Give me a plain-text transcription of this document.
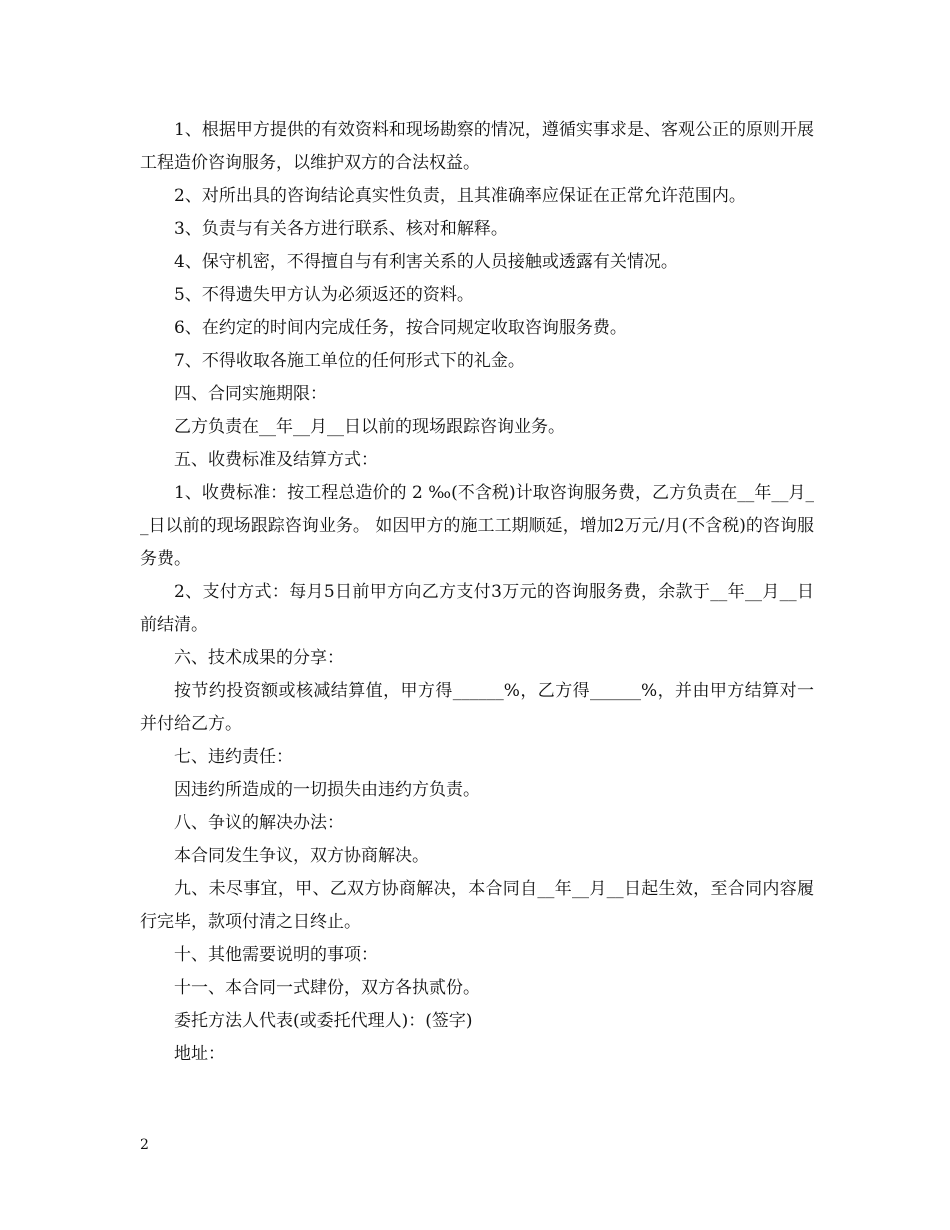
1、根据甲方提供的有效资料和现场勘察的情况，遵循实事求是、客观公正的原则开展工程造价咨询服务，以维护双方的合法权益。

2、对所出具的咨询结论真实性负责，且其准确率应保证在正常允许范围内。

3、负责与有关各方进行联系、核对和解释。

4、保守机密，不得擅自与有利害关系的人员接触或透露有关情况。

5、不得遗失甲方认为必须返还的资料。

6、在约定的时间内完成任务，按合同规定收取咨询服务费。

7、不得收取各施工单位的任何形式下的礼金。

四、合同实施期限：

乙方负责在__年__月__日以前的现场跟踪咨询业务。

五、收费标准及结算方式：

1、收费标准：按工程总造价的 2 ‰(不含税)计取咨询服务费，乙方负责在__年__月__日以前的现场跟踪咨询业务。 如因甲方的施工工期顺延，增加2万元/月(不含税)的咨询服务费。

2、支付方式：每月5日前甲方向乙方支付3万元的咨询服务费，余款于__年__月__日前结清。

六、技术成果的分享：

按节约投资额或核减结算值，甲方得______%，乙方得______%，并由甲方结算对一并付给乙方。

七、违约责任：

因违约所造成的一切损失由违约方负责。

八、争议的解决办法：

本合同发生争议，双方协商解决。

九、未尽事宜，甲、乙双方协商解决，本合同自__年__月__日起生效，至合同内容履行完毕，款项付清之日终止。

十、其他需要说明的事项：

十一、本合同一式肆份，双方各执贰份。

委托方法人代表(或委托代理人)：(签字)

地址：

2
